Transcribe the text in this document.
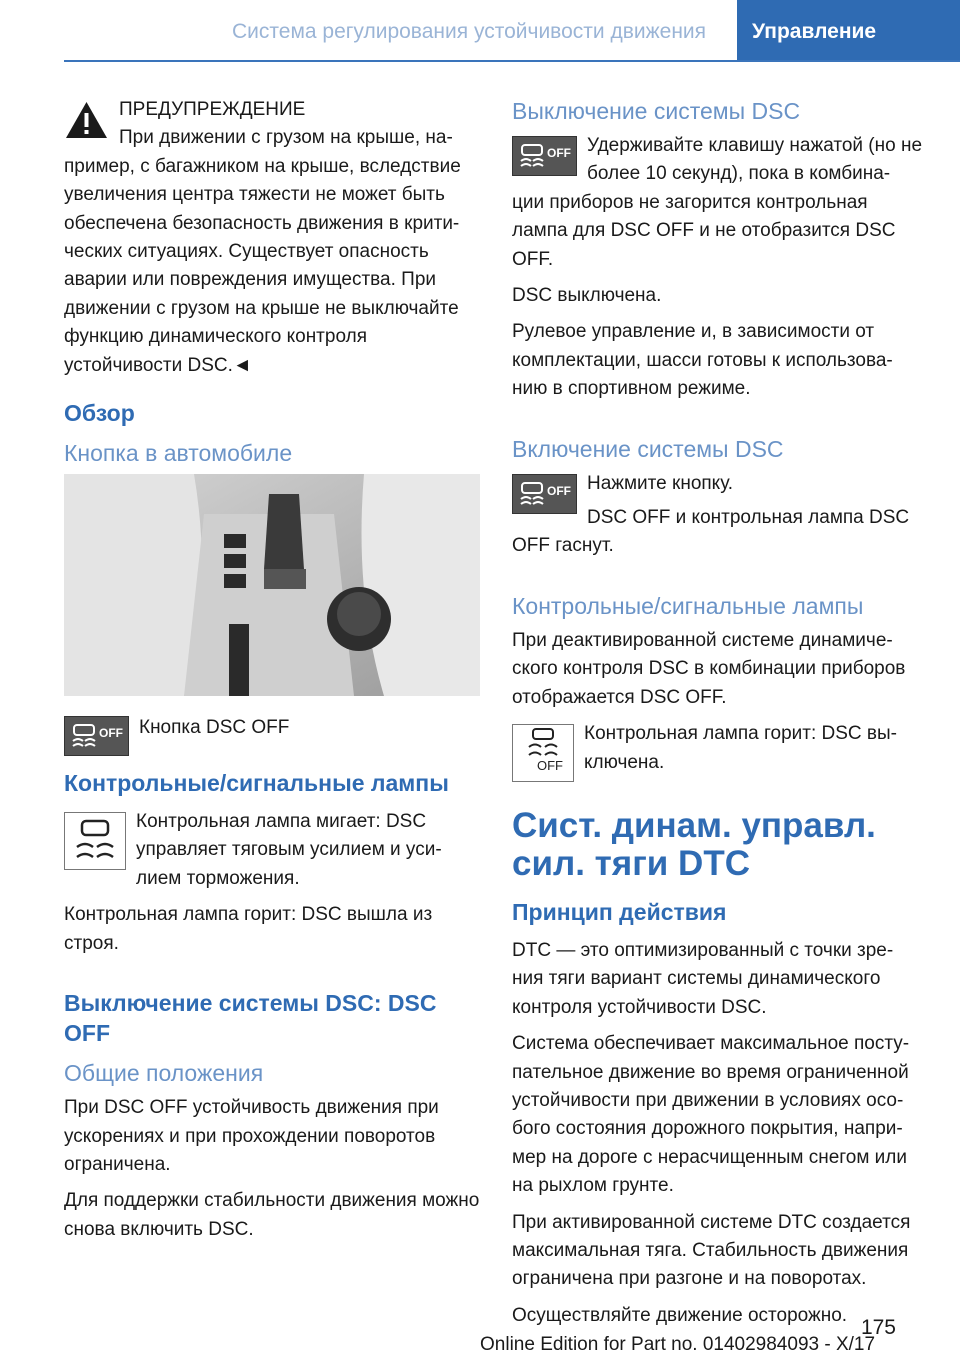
Система регулирования устойчивости движения	Управление

ПРЕДУПРЕЖДЕНИЕ

При движении с грузом на крыше, на-

пример, с багажником на крыше, вследствие увеличения центра тяжести не может быть обеспечена безопасность движения в крити-ческих ситуациях. Существует опасность аварии или повреждения имущества. При движении с грузом на крыше не выключайте функцию динамического контроля устойчивости DSC.◄

Обзор
Кнопка в автомобиле
OFF Кнопка DSC OFF

Контрольные/сигнальные лампы

Контрольная лампа мигает: DSC управляет тяговым усилием и уси-лием торможения.

Контрольная лампа горит: DSC вышла из строя.

Выключение системы DSC: DSC OFF
Общие положения

При DSC OFF устойчивость движения при ускорениях и при прохождении поворотов ограничена.

Для поддержки стабильности движения можно снова включить DSC.

Выключение системы DSC
OFF Удерживайте клавишу нажатой (но не более 10 секунд), пока в комбина-

ции приборов не загорится контрольная лампа для DSC OFF и не отобразится DSC OFF.

DSC выключена.

Рулевое управление и, в зависимости от комплектации, шасси готовы к использова-нию в спортивном режиме.

Включение системы DSC
OFF Нажмите кнопку.

DSC OFF и контрольная лампа DSC OFF гаснут.

Контрольные/сигнальные лампы

При деактивированной системе динамиче-ского контроля DSC в комбинации приборов отображается DSC OFF.

OFF

Контрольная лампа горит: DSC вы-ключена.

Сист. динам. управл. сил. тяги DTC
Принцип действия

DTC — это оптимизированный с точки зре-ния тяги вариант системы динамического контроля устойчивости DSC.

Система обеспечивает максимальное посту-пательное движение во время ограниченной устойчивости при движении в условиях осо-бого состояния дорожного покрытия, напри-мер на дороге с нерасчищенным снегом или на рыхлом грунте.

При активированной системе DTC создается максимальная тяга. Стабильность движения ограничена при разгоне и на поворотах.

Осуществляйте движение осторожно.

175
Online Edition for Part no. 01402984093 - X/17
